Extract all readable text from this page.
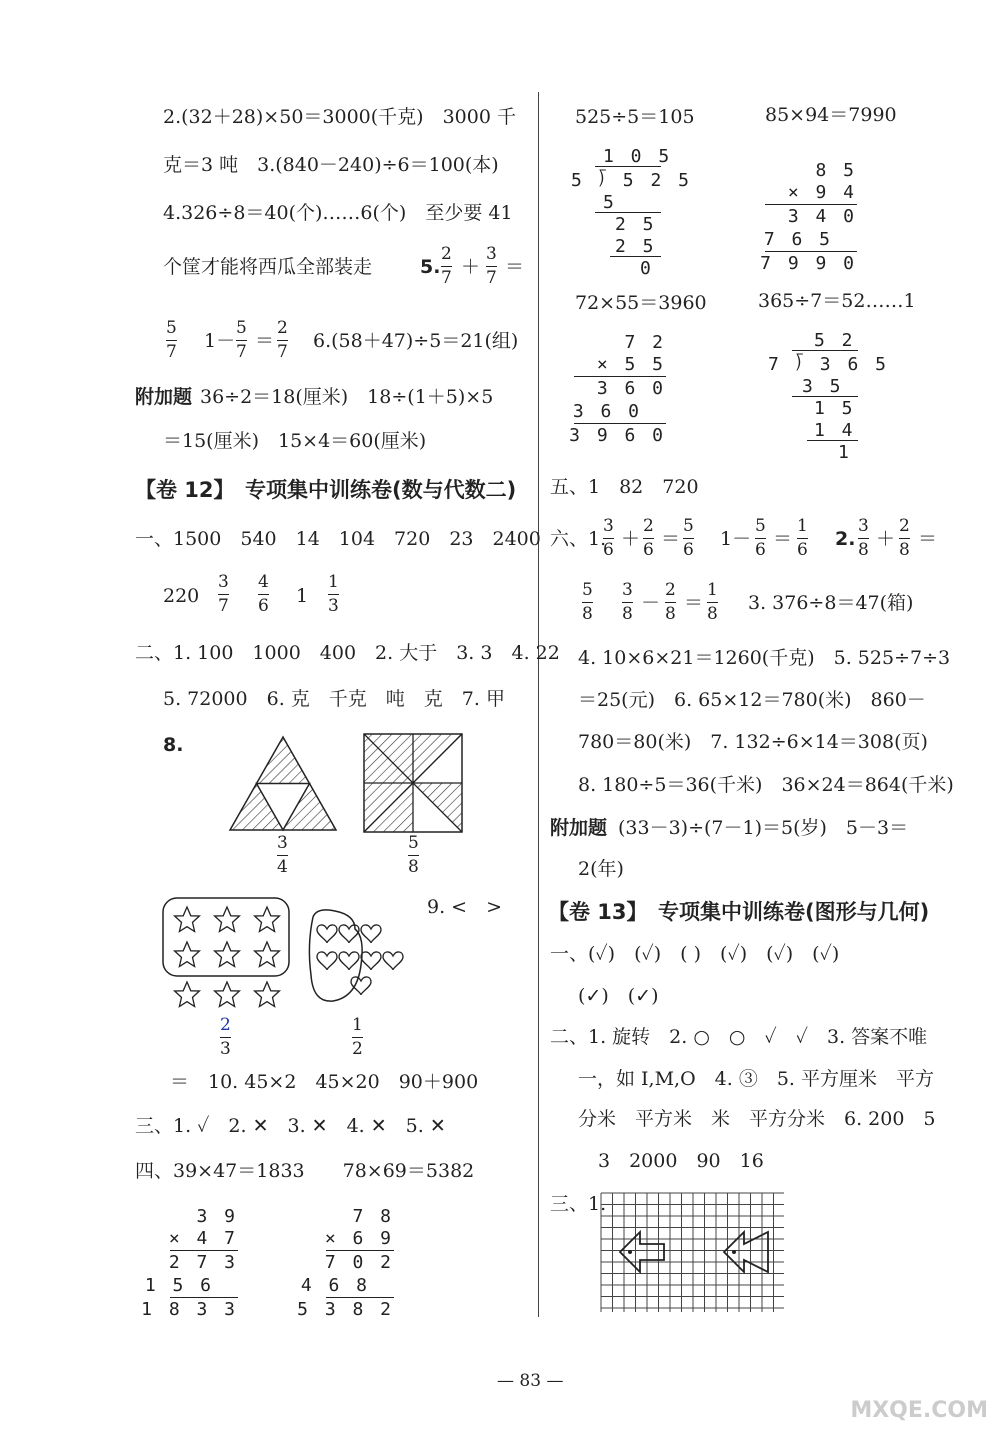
2.(32＋28)×50＝3000(千克)　3000 千
克＝3 吨　3.(840－240)÷6＝100(本)
4.326÷8＝40(个)……6(个)　至少要 41
个筐才能将西瓜全部装走	5.
2
7 ＋
3
7 ＝
5
7 1－
5
7 ＝
2
7 6.(58＋47)÷5＝21(组)
附加题 36÷2＝18(厘米)　18÷(1＋5)×5
＝15(厘米)　15×4＝60(厘米)
【卷 12】　专项集中训练卷(数与代数二)
一、1500　540　14　104　720　23　2400
220
3
7
4
6 1
1
3
二、1. 100　1000　400　2. 大于　3. 3　4. 22
5. 72000　6. 克　千克　吨　克　7. 甲
8.
3
4
5
8
2
3
1
2
9. <　>
＝　10. 45×2　45×20　90＋900
三、1. ✓　2. ✕　3. ✕　4. ✕　5. ✕
四、39×47＝1833　　78×69＝5382
3 9
× 4 7
2 7 3
1 5 6
1 8 3 3
7 8
× 6 9
7 0 2
4 6 8
5 3 8 2
525÷5＝105	85×94＝7990
1 0 5
5 ⟌ 5 2 5
5
2 5
2 5
0
8 5
× 9 4
3 4 0
7 6 5
7 9 9 0
72×55＝3960	365÷7＝52……1
7 2
× 5 5
3 6 0
3 6 0
3 9 6 0
5 2
7 ⟌ 3 6 5
3 5
1 5
1 4
1
五、1　82　720
六、1.
3
6 ＋
2
6 ＝
5
6 1－
5
6 ＝
1
6 2.
3
8 ＋
2
8 ＝
5
8
3
8 －
2
8 ＝
1
8 3. 376÷8＝47(箱)
4. 10×6×21＝1260(千克)　5. 525÷7÷3
＝25(元)　6. 65×12＝780(米)　860－
780＝80(米)　7. 132÷6×14＝308(页)
8. 180÷5＝36(千米)　36×24＝864(千米)
附加题 (33－3)÷(7－1)＝5(岁)　5－3＝
2(年)
【卷 13】　专项集中训练卷(图形与几何)
一、(✓)　(✓)　( )　(✓)　(✓)　(✓)
(✓)　(✓)
二、1. 旋转　2. ○　○　✓　✓　3. 答案不唯
一，如 I,M,O　4. ③　5. 平方厘米　平方
分米　平方米　米　平方分米　6. 200　5
3　2000　90　16
三、1.
— 83 —
MXQE.COM
